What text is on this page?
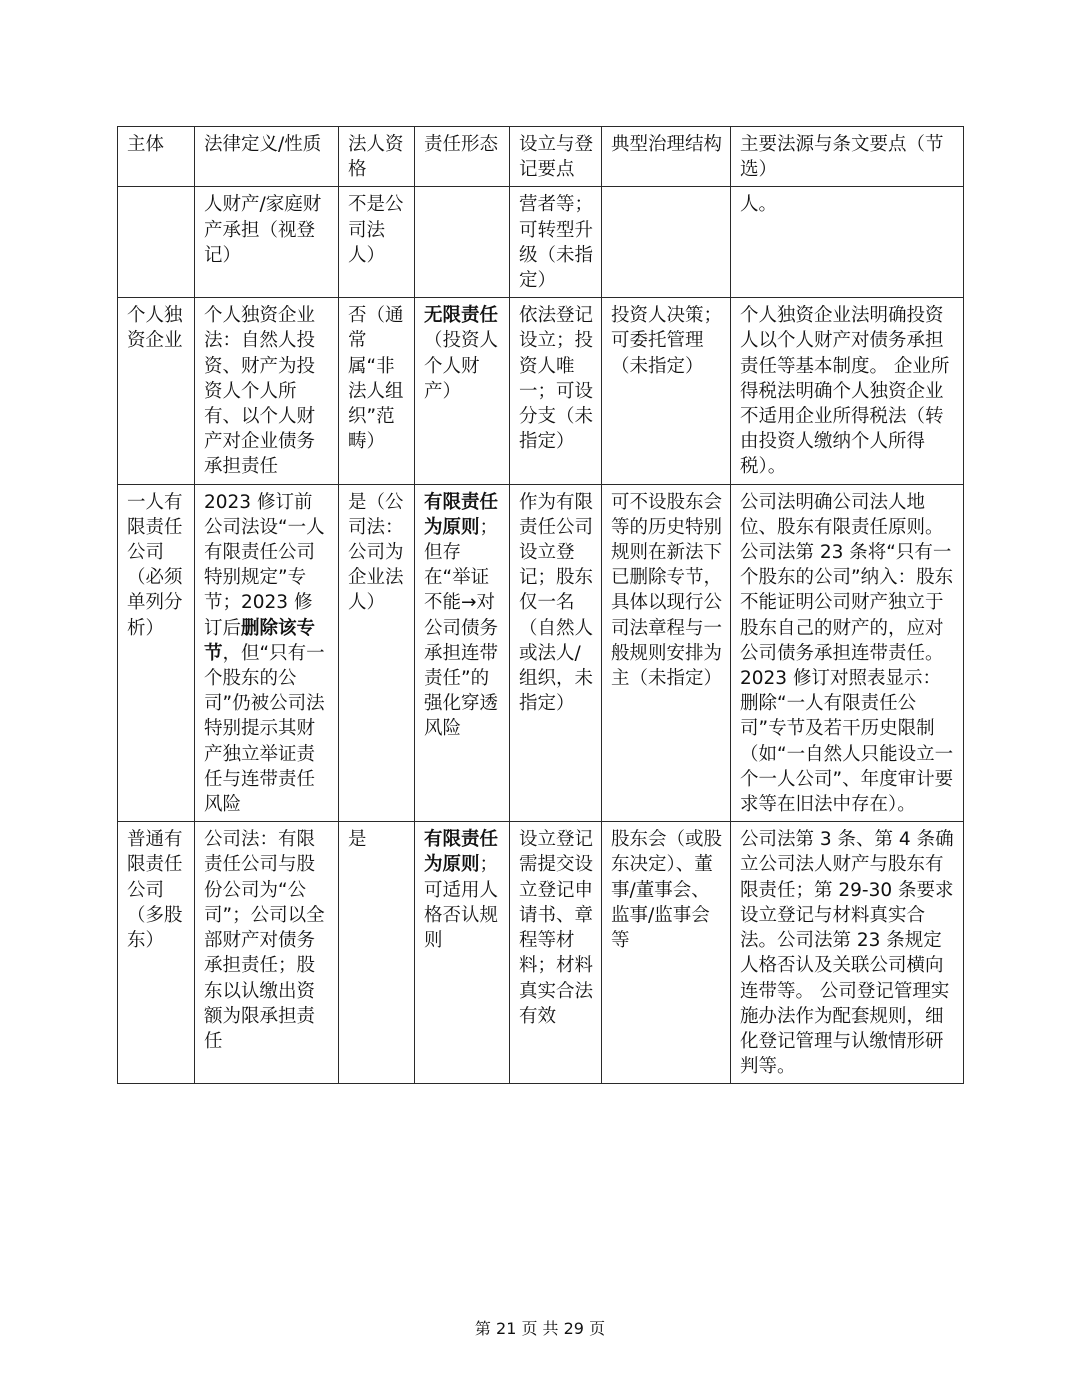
主体	法律定义/性质	法人资格	责任形态	设立与登记要点	典型治理结构	主要法源与条文要点（节选）
	人财产/家庭财产承担（视登记）	不是公司法人）		营者等；可转型升级（未指定）		人。
个人独资企业	个人独资企业法：自然人投资、财产为投资人个人所有、以个人财产对企业债务承担责任	否（通常属“非法人组织”范畴）	无限责任（投资人个人财产）	依法登记设立；投资人唯一；可设分支（未指定）	投资人决策；可委托管理（未指定）	个人独资企业法明确投资人以个人财产对债务承担责任等基本制度。 企业所得税法明确个人独资企业不适用企业所得税法（转由投资人缴纳个人所得税）。
一人有限责任公司（必须单列分析）	2023 修订前公司法设“一人有限责任公司特别规定”专节；2023 修订后删除该专节，但“只有一个股东的公司”仍被公司法特别提示其财产独立举证责任与连带责任风险	是（公司法：公司为企业法人）	有限责任为原则；但存在“举证不能→对公司债务承担连带责任”的强化穿透风险	作为有限责任公司设立登记；股东仅一名（自然人或法人/组织，未指定）	可不设股东会等的历史特别规则在新法下已删除专节，具体以现行公司法章程与一般规则安排为主（未指定）	公司法明确公司法人地位、股东有限责任原则。 公司法第 23 条将“只有一个股东的公司”纳入：股东不能证明公司财产独立于股东自己的财产的，应对公司债务承担连带责任。 2023 修订对照表显示：删除“一人有限责任公司”专节及若干历史限制（如“一自然人只能设立一个一人公司”、年度审计要求等在旧法中存在）。
普通有限责任公司（多股东）	公司法：有限责任公司与股份公司为“公司”；公司以全部财产对债务承担责任；股东以认缴出资额为限承担责任	是	有限责任为原则；可适用人格否认规则	设立登记需提交设立登记申请书、章程等材料；材料真实合法有效	股东会（或股东决定）、董事/董事会、监事/监事会等	公司法第 3 条、第 4 条确立公司法人财产与股东有限责任；第 29-30 条要求设立登记与材料真实合法。公司法第 23 条规定人格否认及关联公司横向连带等。 公司登记管理实施办法作为配套规则，细化登记管理与认缴情形研判等。
第 21 页 共 29 页
